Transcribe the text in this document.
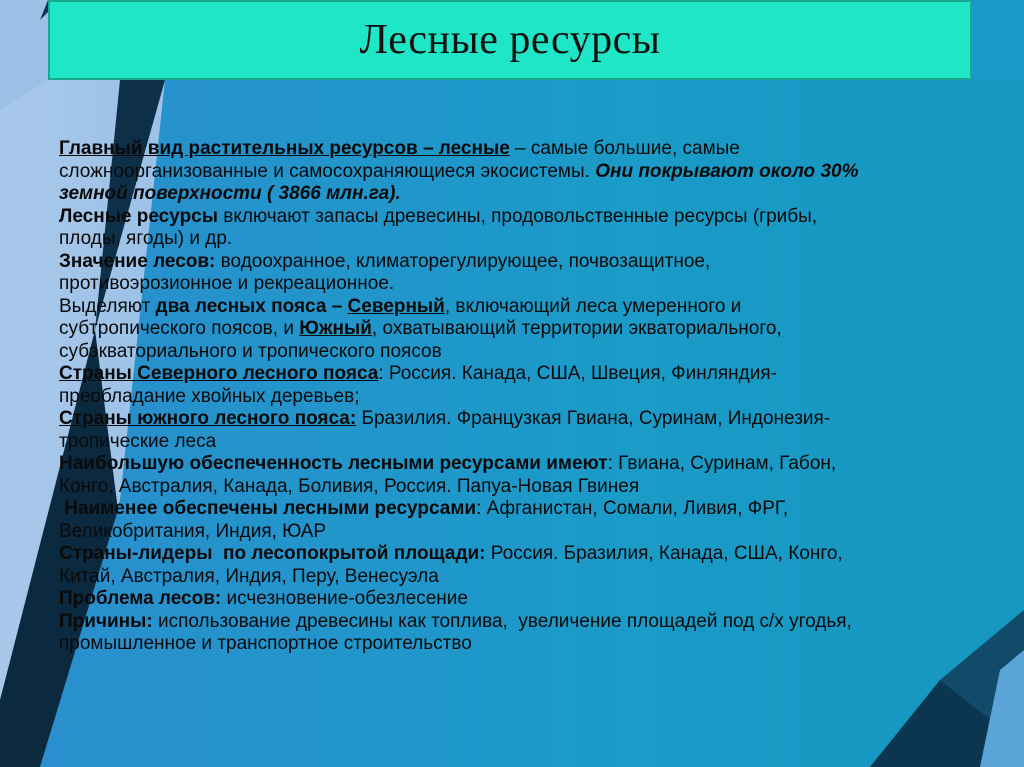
Лесные ресурсы

Главный вид растительных ресурсов – лесные – самые большие, самые

сложноорганизованные и самосохраняющиеся экосистемы. Они покрывают около 30%

земной поверхности ( 3866 млн.га).

Лесные ресурсы включают запасы древесины, продовольственные ресурсы (грибы,

плоды, ягоды) и др.

Значение лесов: водоохранное, климаторегулирующее, почвозащитное,

противоэрозионное и рекреационное.

Выделяют два лесных пояса – Северный, включающий леса умеренного и

субтропического поясов, и Южный, охватывающий территории экваториального,

субэкваториального и тропического поясов

Страны Северного лесного пояса: Россия. Канада, США, Швеция, Финляндия-

преобладание хвойных деревьев;

Страны южного лесного пояса: Бразилия. Французкая Гвиана, Суринам, Индонезия-

тропические леса

Наибольшую обеспеченность лесными ресурсами имеют: Гвиана, Суринам, Габон,

Конго, Австралия, Канада, Боливия, Россия. Папуа-Новая Гвинея

Наименее обеспечены лесными ресурсами: Афганистан, Сомали, Ливия, ФРГ,

Великобритания, Индия, ЮАР

Страны-лидеры  по лесопокрытой площади: Россия. Бразилия, Канада, США, Конго,

Китай, Австралия, Индия, Перу, Венесуэла

Проблема лесов: исчезновение-обезлесение

Причины: использование древесины как топлива,  увеличение площадей под с/х угодья,

промышленное и транспортное строительство
